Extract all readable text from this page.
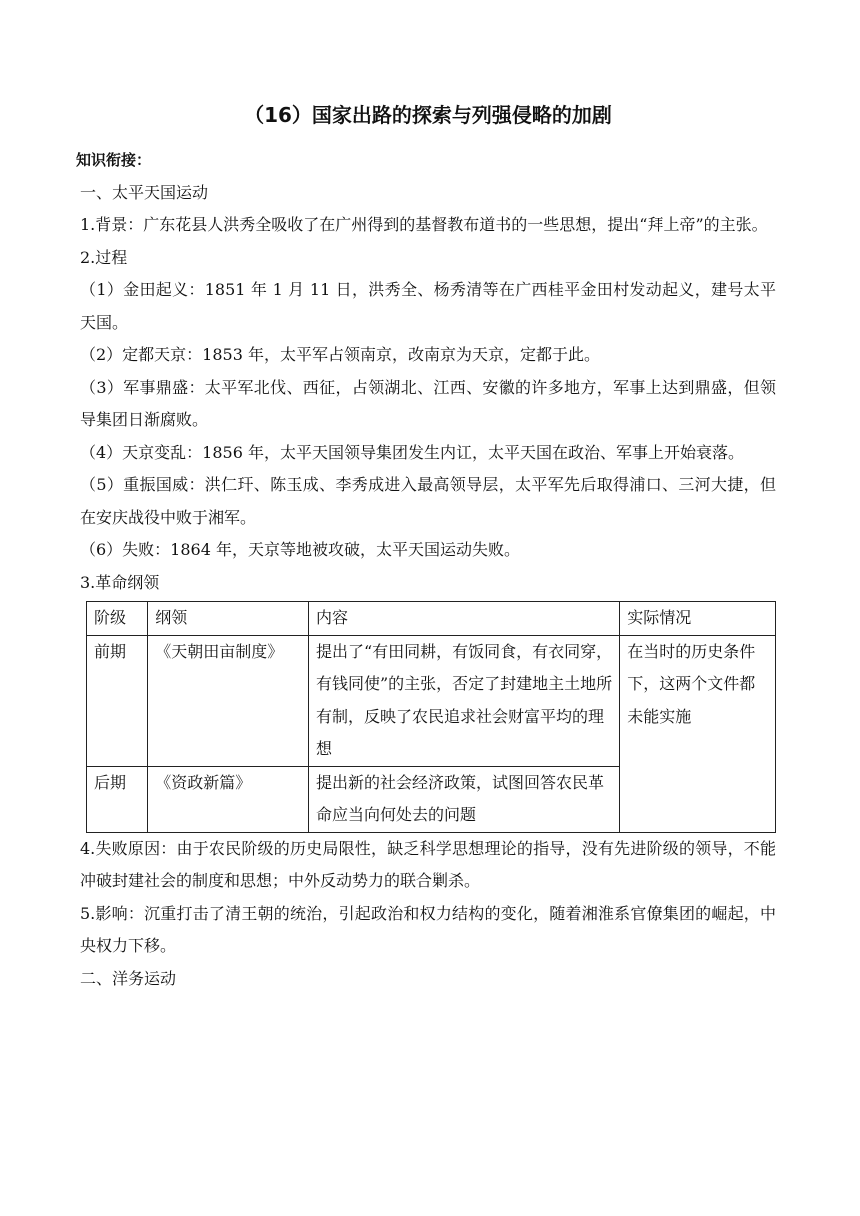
（16）国家出路的探索与列强侵略的加剧

知识衔接：

一、太平天国运动

1.背景：广东花县人洪秀全吸收了在广州得到的基督教布道书的一些思想，提出“拜上帝”的主张。

2.过程

（1）金田起义：1851 年 1 月 11 日，洪秀全、杨秀清等在广西桂平金田村发动起义，建号太平天国。

（2）定都天京：1853 年，太平军占领南京，改南京为天京，定都于此。

（3）军事鼎盛：太平军北伐、西征，占领湖北、江西、安徽的许多地方，军事上达到鼎盛，但领导集团日渐腐败。

（4）天京变乱：1856 年，太平天国领导集团发生内讧，太平天国在政治、军事上开始衰落。

（5）重振国威：洪仁玕、陈玉成、李秀成进入最高领导层，太平军先后取得浦口、三河大捷，但在安庆战役中败于湘军。

（6）失败：1864 年，天京等地被攻破，太平天国运动失败。

3.革命纲领

阶级	纲领	内容	实际情况
前期	《天朝田亩制度》	提出了“有田同耕，有饭同食，有衣同穿，有钱同使”的主张，否定了封建地主土地所有制，反映了农民追求社会财富平均的理想	在当时的历史条件下，这两个文件都未能实施
后期	《资政新篇》	提出新的社会经济政策，试图回答农民革命应当向何处去的问题	

4.失败原因：由于农民阶级的历史局限性，缺乏科学思想理论的指导，没有先进阶级的领导，不能冲破封建社会的制度和思想；中外反动势力的联合剿杀。

5.影响：沉重打击了清王朝的统治，引起政治和权力结构的变化，随着湘淮系官僚集团的崛起，中央权力下移。

二、洋务运动
